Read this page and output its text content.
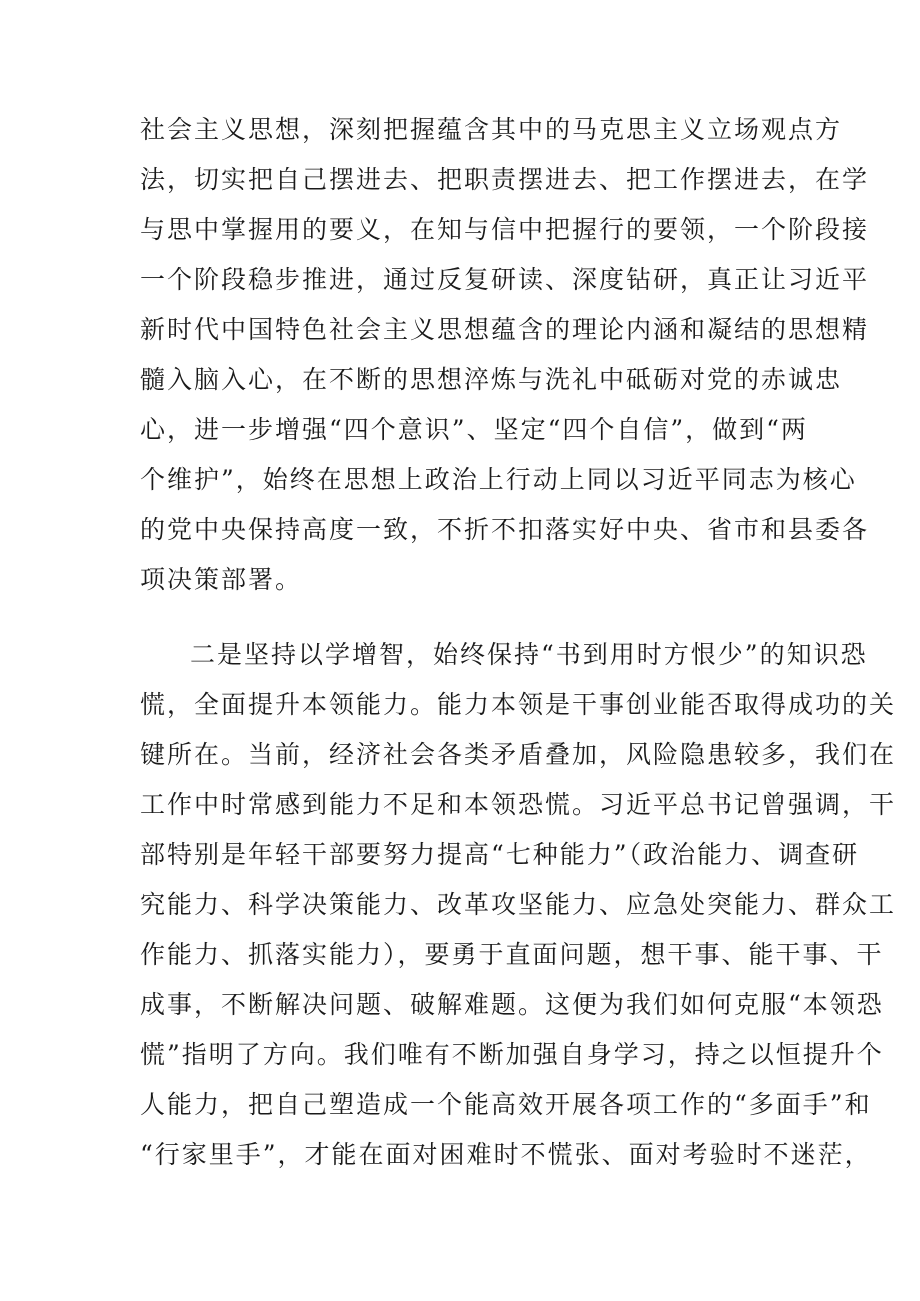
社会主义思想，深刻把握蕴含其中的马克思主义立场观点方

法，切实把自己摆进去、把职责摆进去、把工作摆进去，在学

与思中掌握用的要义，在知与信中把握行的要领，一个阶段接

一个阶段稳步推进，通过反复研读、深度钻研，真正让习近平

新时代中国特色社会主义思想蕴含的理论内涵和凝结的思想精

髓入脑入心，在不断的思想淬炼与洗礼中砥砺对党的赤诚忠

心，进一步增强“四个意识”、坚定“四个自信”，做到“两

个维护”，始终在思想上政治上行动上同以习近平同志为核心

的党中央保持高度一致，不折不扣落实好中央、省市和县委各

项决策部署。

二是坚持以学增智，始终保持“书到用时方恨少”的知识恐

慌，全面提升本领能力。能力本领是干事创业能否取得成功的关

键所在。当前，经济社会各类矛盾叠加，风险隐患较多，我们在

工作中时常感到能力不足和本领恐慌。习近平总书记曾强调，干

部特别是年轻干部要努力提高“七种能力”（政治能力、调查研

究能力、科学决策能力、改革攻坚能力、应急处突能力、群众工

作能力、抓落实能力），要勇于直面问题，想干事、能干事、干

成事，不断解决问题、破解难题。这便为我们如何克服“本领恐

慌”指明了方向。我们唯有不断加强自身学习，持之以恒提升个

人能力，把自己塑造成一个能高效开展各项工作的“多面手”和

“行家里手”，才能在面对困难时不慌张、面对考验时不迷茫，
